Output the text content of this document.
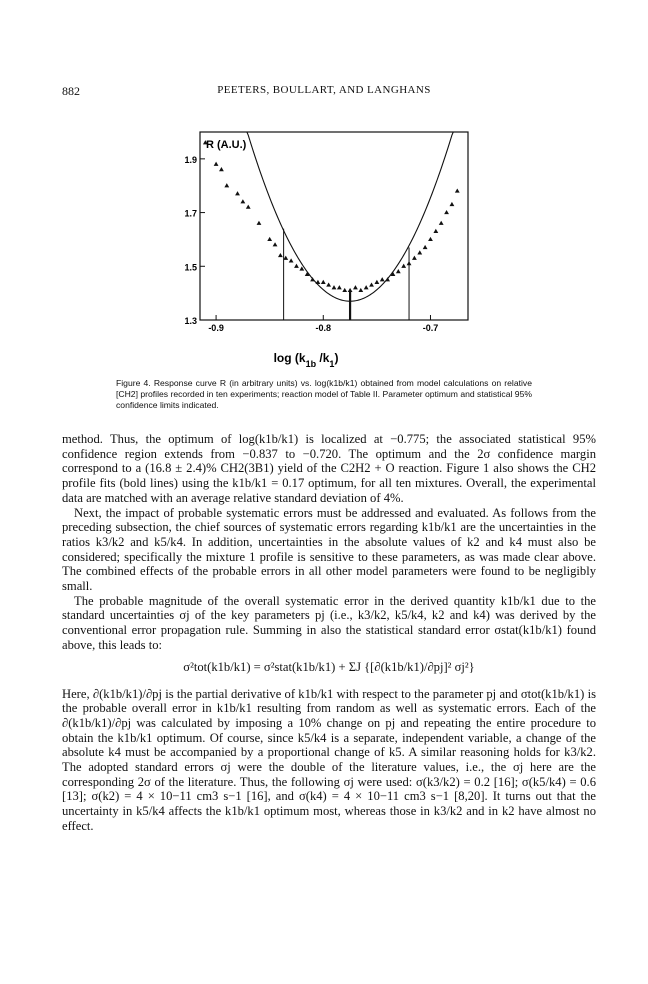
882	PEETERS, BOULLART, AND LANGHANS
1.3
1.5
1.7
1.9
-0.9	-0.8	-0.7
R (A.U.)
$\log (k_{1b}$ $/k_1$)
Figure 4. Response curve R (in arbitrary units) vs. log(k1b/k1) obtained from model calculations on relative [CH2] profiles recorded in ten experiments; reaction model of Table II. Parameter optimum and statistical 95% confidence limits indicated.

method. Thus, the optimum of log(k1b/k1) is localized at −0.775; the associated statistical 95% confidence region extends from −0.837 to −0.720. The optimum and the 2σ confidence margin correspond to a (16.8 ± 2.4)% CH2(3B1) yield of the C2H2 + O reaction. Figure 1 also shows the CH2 profile fits (bold lines) using the k1b/k1 = 0.17 optimum, for all ten mixtures. Overall, the experimental data are matched with an average relative standard deviation of 4%.

Next, the impact of probable systematic errors must be addressed and evaluated. As follows from the preceding subsection, the chief sources of systematic errors regarding k1b/k1 are the uncertainties in the ratios k3/k2 and k5/k4. In addition, uncertainties in the absolute values of k2 and k4 must also be considered; specifically the mixture 1 profile is sensitive to these parameters, as was made clear above. The combined effects of the probable errors in all other model parameters were found to be negligibly small.

The probable magnitude of the overall systematic error in the derived quantity k1b/k1 due to the standard uncertainties σj of the key parameters pj (i.e., k3/k2, k5/k4, k2 and k4) was derived by the conventional error propagation rule. Summing in also the statistical standard error σstat(k1b/k1) found above, this leads to:

σ²tot(k1b/k1) = σ²stat(k1b/k1) + ΣJ {[∂(k1b/k1)/∂pj]² σj²}

Here, ∂(k1b/k1)/∂pj is the partial derivative of k1b/k1 with respect to the parameter pj and σtot(k1b/k1) is the probable overall error in k1b/k1 resulting from random as well as systematic errors. Each of the ∂(k1b/k1)/∂pj was calculated by imposing a 10% change on pj and repeating the entire procedure to obtain the k1b/k1 optimum. Of course, since k5/k4 is a separate, independent variable, a change of the absolute k4 must be accompanied by a proportional change of k5. A similar reasoning holds for k3/k2. The adopted standard errors σj were the double of the literature values, i.e., the σj here are the corresponding 2σ of the literature. Thus, the following σj were used: σ(k3/k2) = 0.2 [16]; σ(k5/k4) = 0.6 [13]; σ(k2) = 4 × 10−11 cm3 s−1 [16], and σ(k4) = 4 × 10−11 cm3 s−1 [8,20]. It turns out that the uncertainty in k5/k4 affects the k1b/k1 optimum most, whereas those in k3/k2 and in k2 have almost no effect.
